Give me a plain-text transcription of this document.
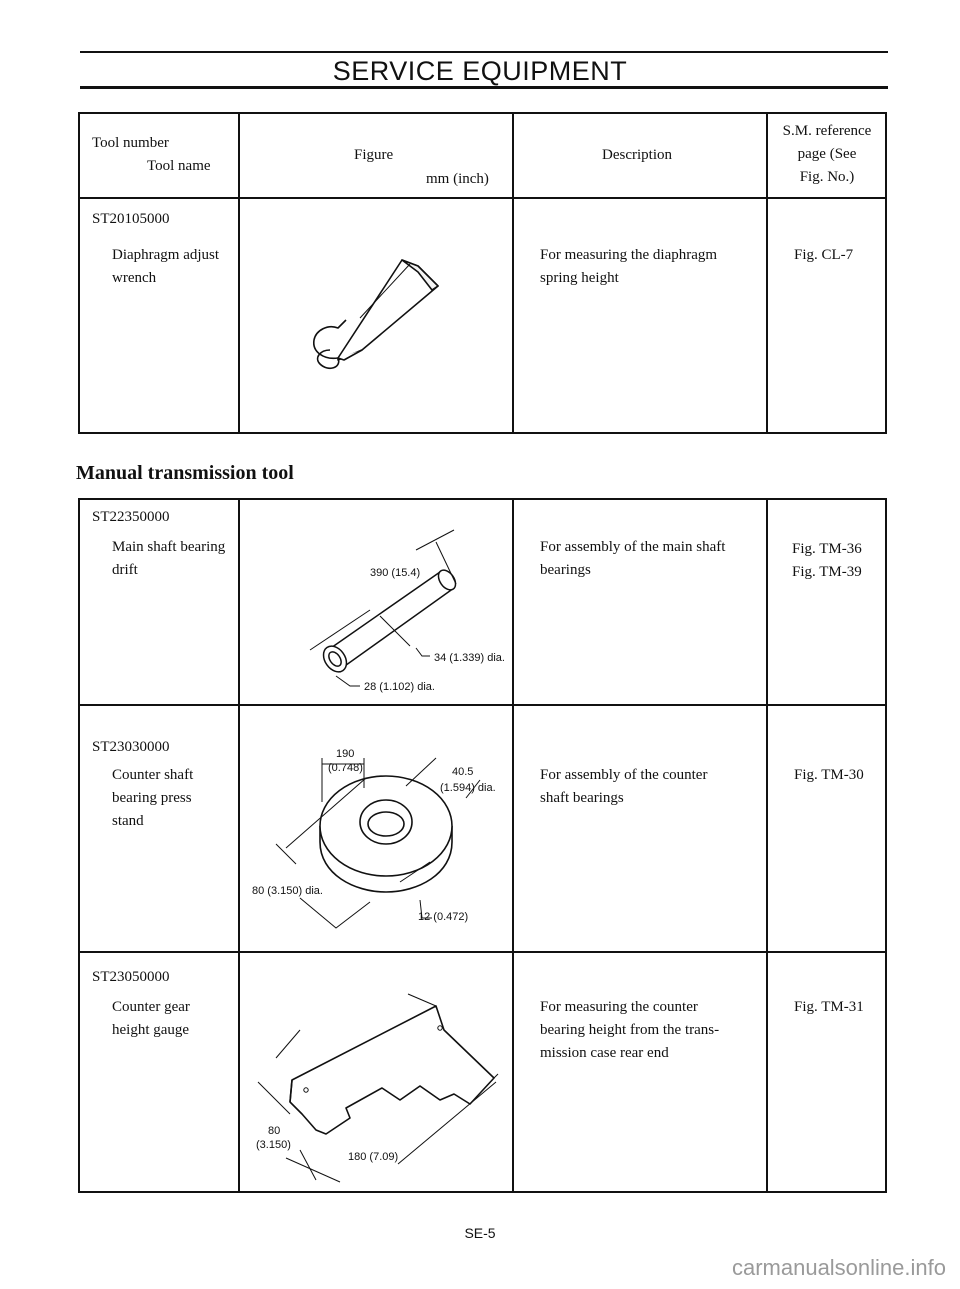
SERVICE EQUIPMENT
Tool number
Tool name
Figure
mm (inch)
Description
S.M. reference
page (See
Fig. No.)
ST20105000
Diaphragm adjust
wrench
For measuring the diaphragm
spring height
Fig. CL-7
Manual transmission tool
ST22350000
Main shaft bearing
drift
For assembly of the main shaft
bearings
Fig. TM-36
Fig. TM-39
390 (15.4)
34 (1.339) dia.
28 (1.102) dia.
ST23030000
Counter shaft
bearing press
stand
For assembly of the counter
shaft bearings
Fig. TM-30
190
(0.748)	40.5
(1.594) dia.
80 (3.150) dia.
12 (0.472)
ST23050000
Counter gear
height gauge
For measuring the counter
bearing height from the trans-
mission case rear end
Fig. TM-31
80
(3.150)
180 (7.09)
SE-5
carmanualsonline.info
